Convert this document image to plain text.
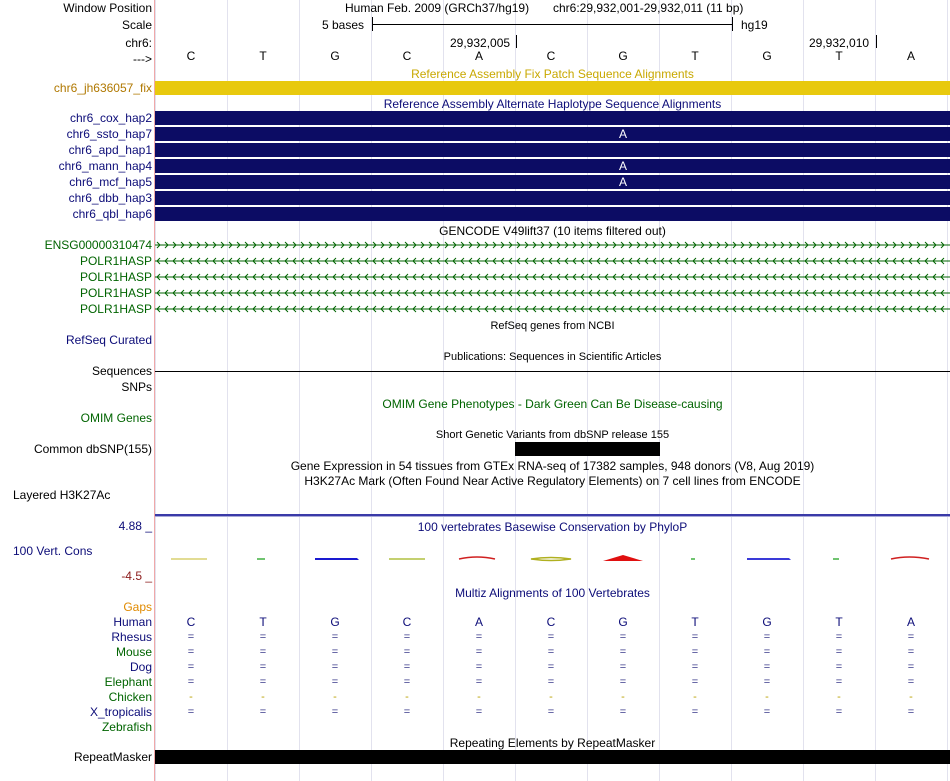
Window Position
Scale
chr6:
--->
chr6_jh636057_fix
chr6_cox_hap2
chr6_ssto_hap7
chr6_apd_hap1
chr6_mann_hap4
chr6_mcf_hap5
chr6_dbb_hap3
chr6_qbl_hap6
ENSG00000310474
POLR1HASP
POLR1HASP
POLR1HASP
POLR1HASP
RefSeq Curated
Sequences
SNPs
OMIM Genes
Common dbSNP(155)
Layered H3K27Ac
4.88 _
100 Vert. Cons
-4.5 _
Gaps
Human
Rhesus
Mouse
Dog
Elephant
Chicken
X_tropicalis
Zebrafish
RepeatMasker
Human Feb. 2009 (GRCh37/hg19) chr6:29,932,001-29,932,011 (11 bp)
5 bases	hg19
29,932,005	29,932,010
C	T	G	C	A	C	G	T	G	T	A
Reference Assembly Fix Patch Sequence Alignments
Reference Assembly Alternate Haplotype Sequence Alignments
A
A
A
GENCODE V49lift37 (10 items filtered out)
RefSeq genes from NCBI
Publications: Sequences in Scientific Articles
OMIM Gene Phenotypes - Dark Green Can Be Disease-causing
Short Genetic Variants from dbSNP release 155
Gene Expression in 54 tissues from GTEx RNA-seq of 17382 samples, 948 donors (V8, Aug 2019)
H3K27Ac Mark (Often Found Near Active Regulatory Elements) on 7 cell lines from ENCODE
100 vertebrates Basewise Conservation by PhyloP
Multiz Alignments of 100 Vertebrates
C	T	G	C	A	C	G	T	G	T	A
=	=	=	=	=	=	=	=	=	=	=
=	=	=	=	=	=	=	=	=	=	=
=	=	=	=	=	=	=	=	=	=	=
=	=	=	=	=	=	=	=	=	=	=
-	-	-	-	-	-	-	-	-	-	-
=	=	=	=	=	=	=	=	=	=	=
Repeating Elements by RepeatMasker
